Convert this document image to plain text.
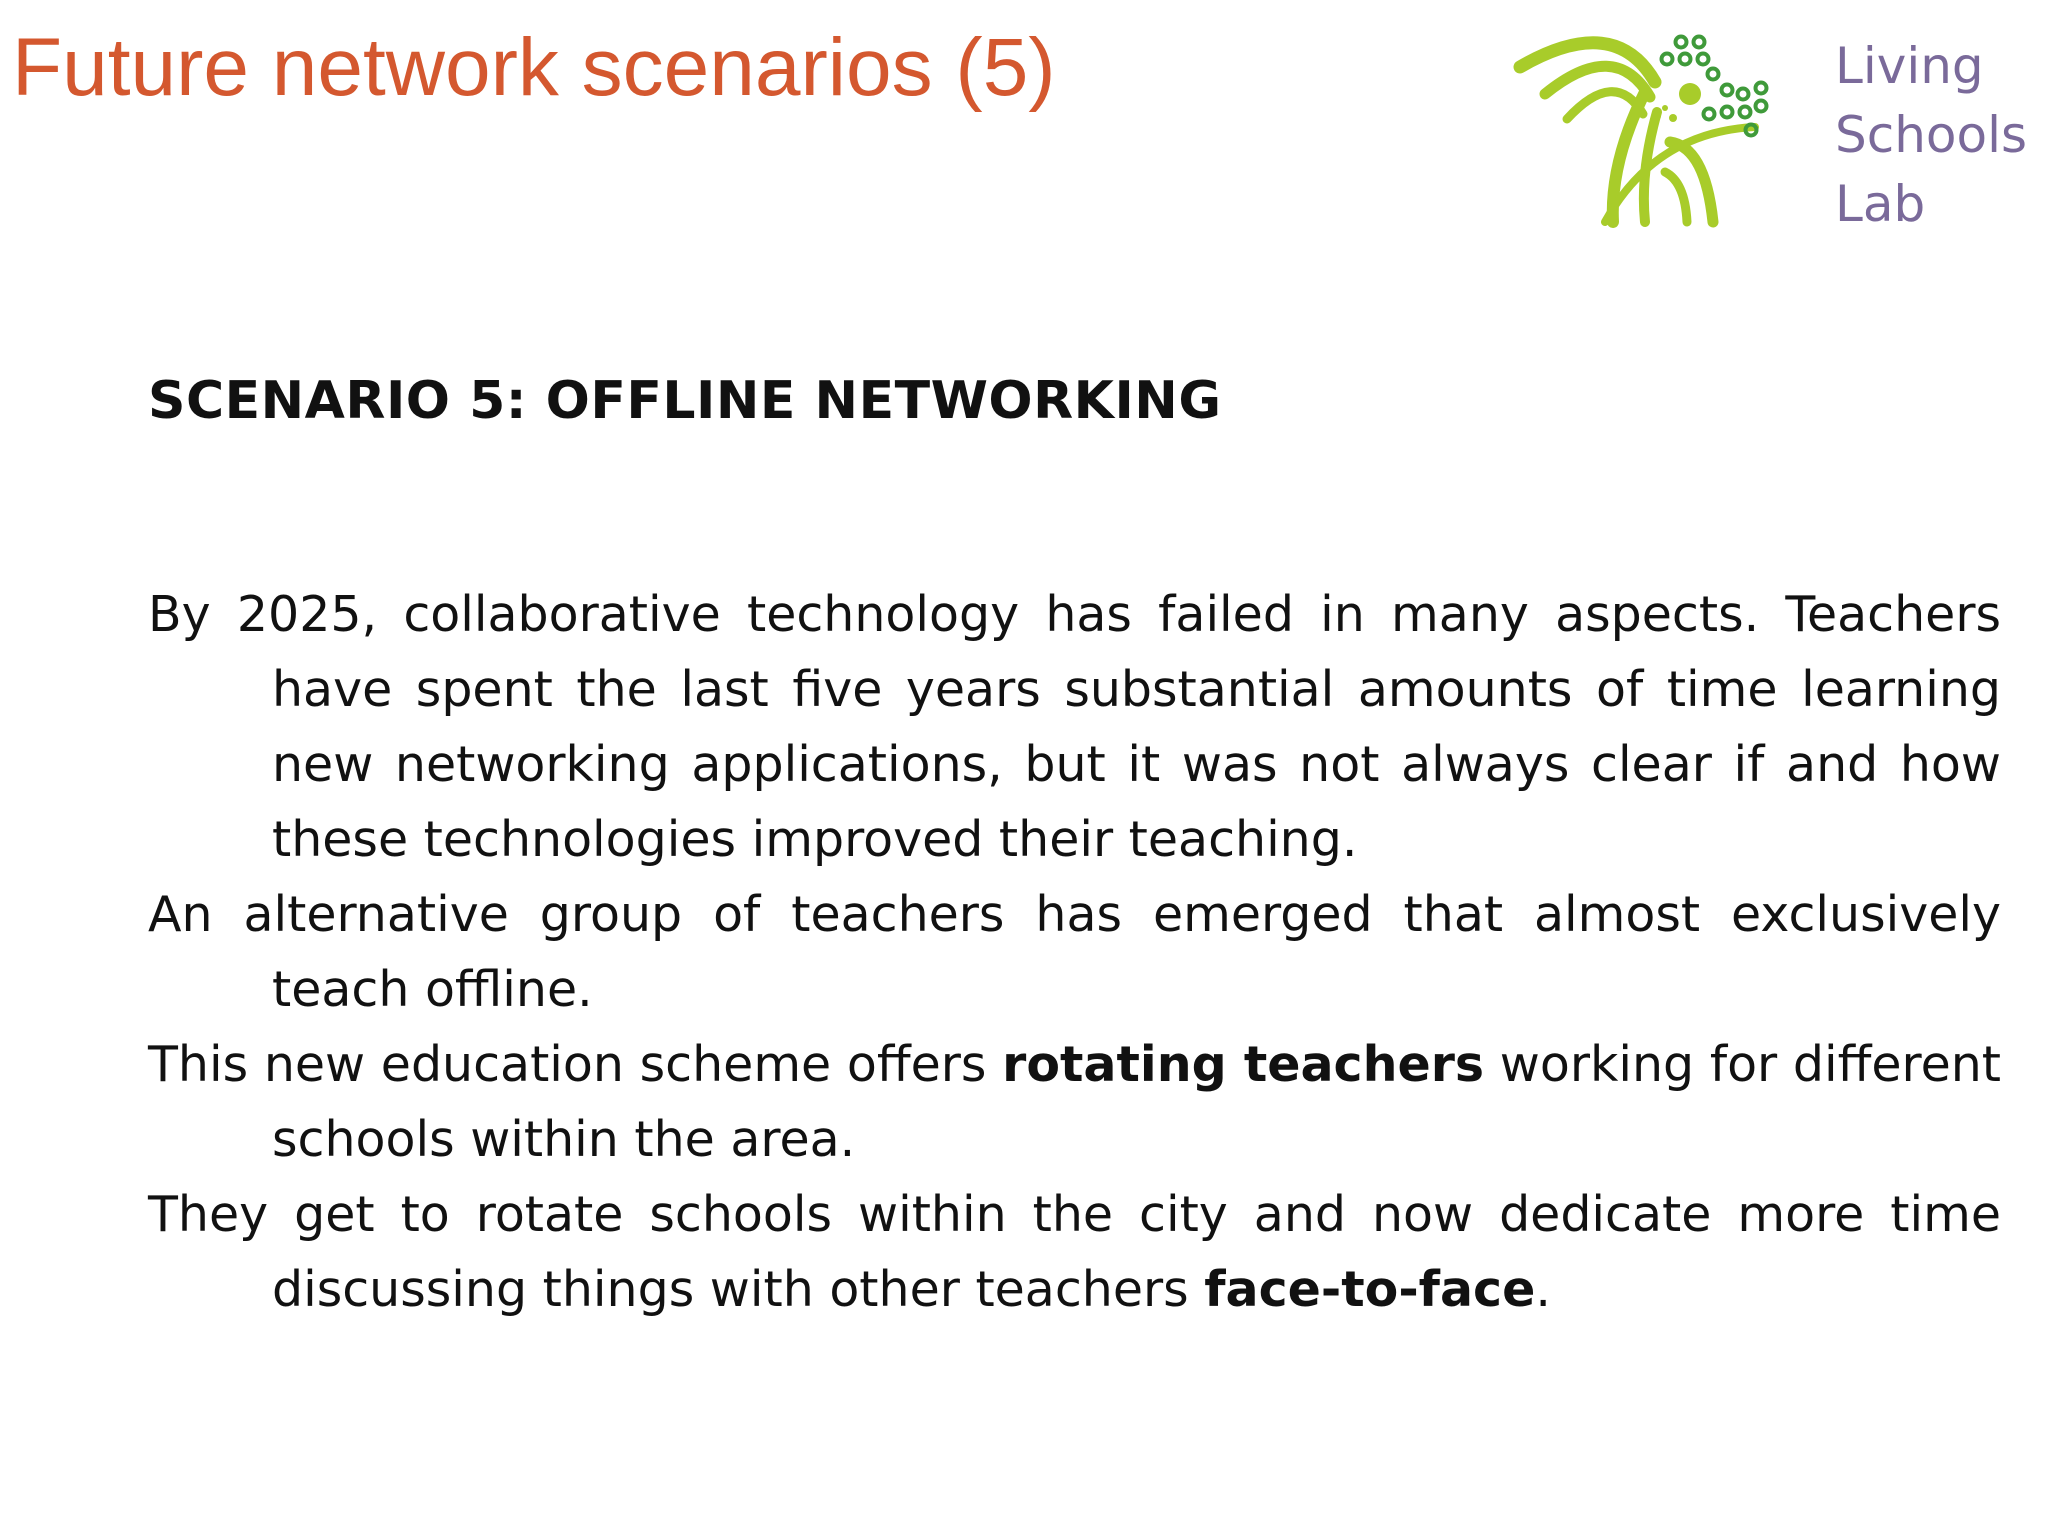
Future network scenarios (5)	Living
Schools
Lab
SCENARIO 5: OFFLINE NETWORKING

By 2025, collaborative technology has failed in many aspects. Teachers have spent the last five years substantial amounts of time learning new networking applications, but it was not always clear if and how these technologies improved their teaching.

An alternative group of teachers has emerged that almost exclusively teach offline.

This new education scheme offers rotating teachers working for different schools within the area.

They get to rotate schools within the city and now dedicate more time discussing things with other teachers face-to-face.
